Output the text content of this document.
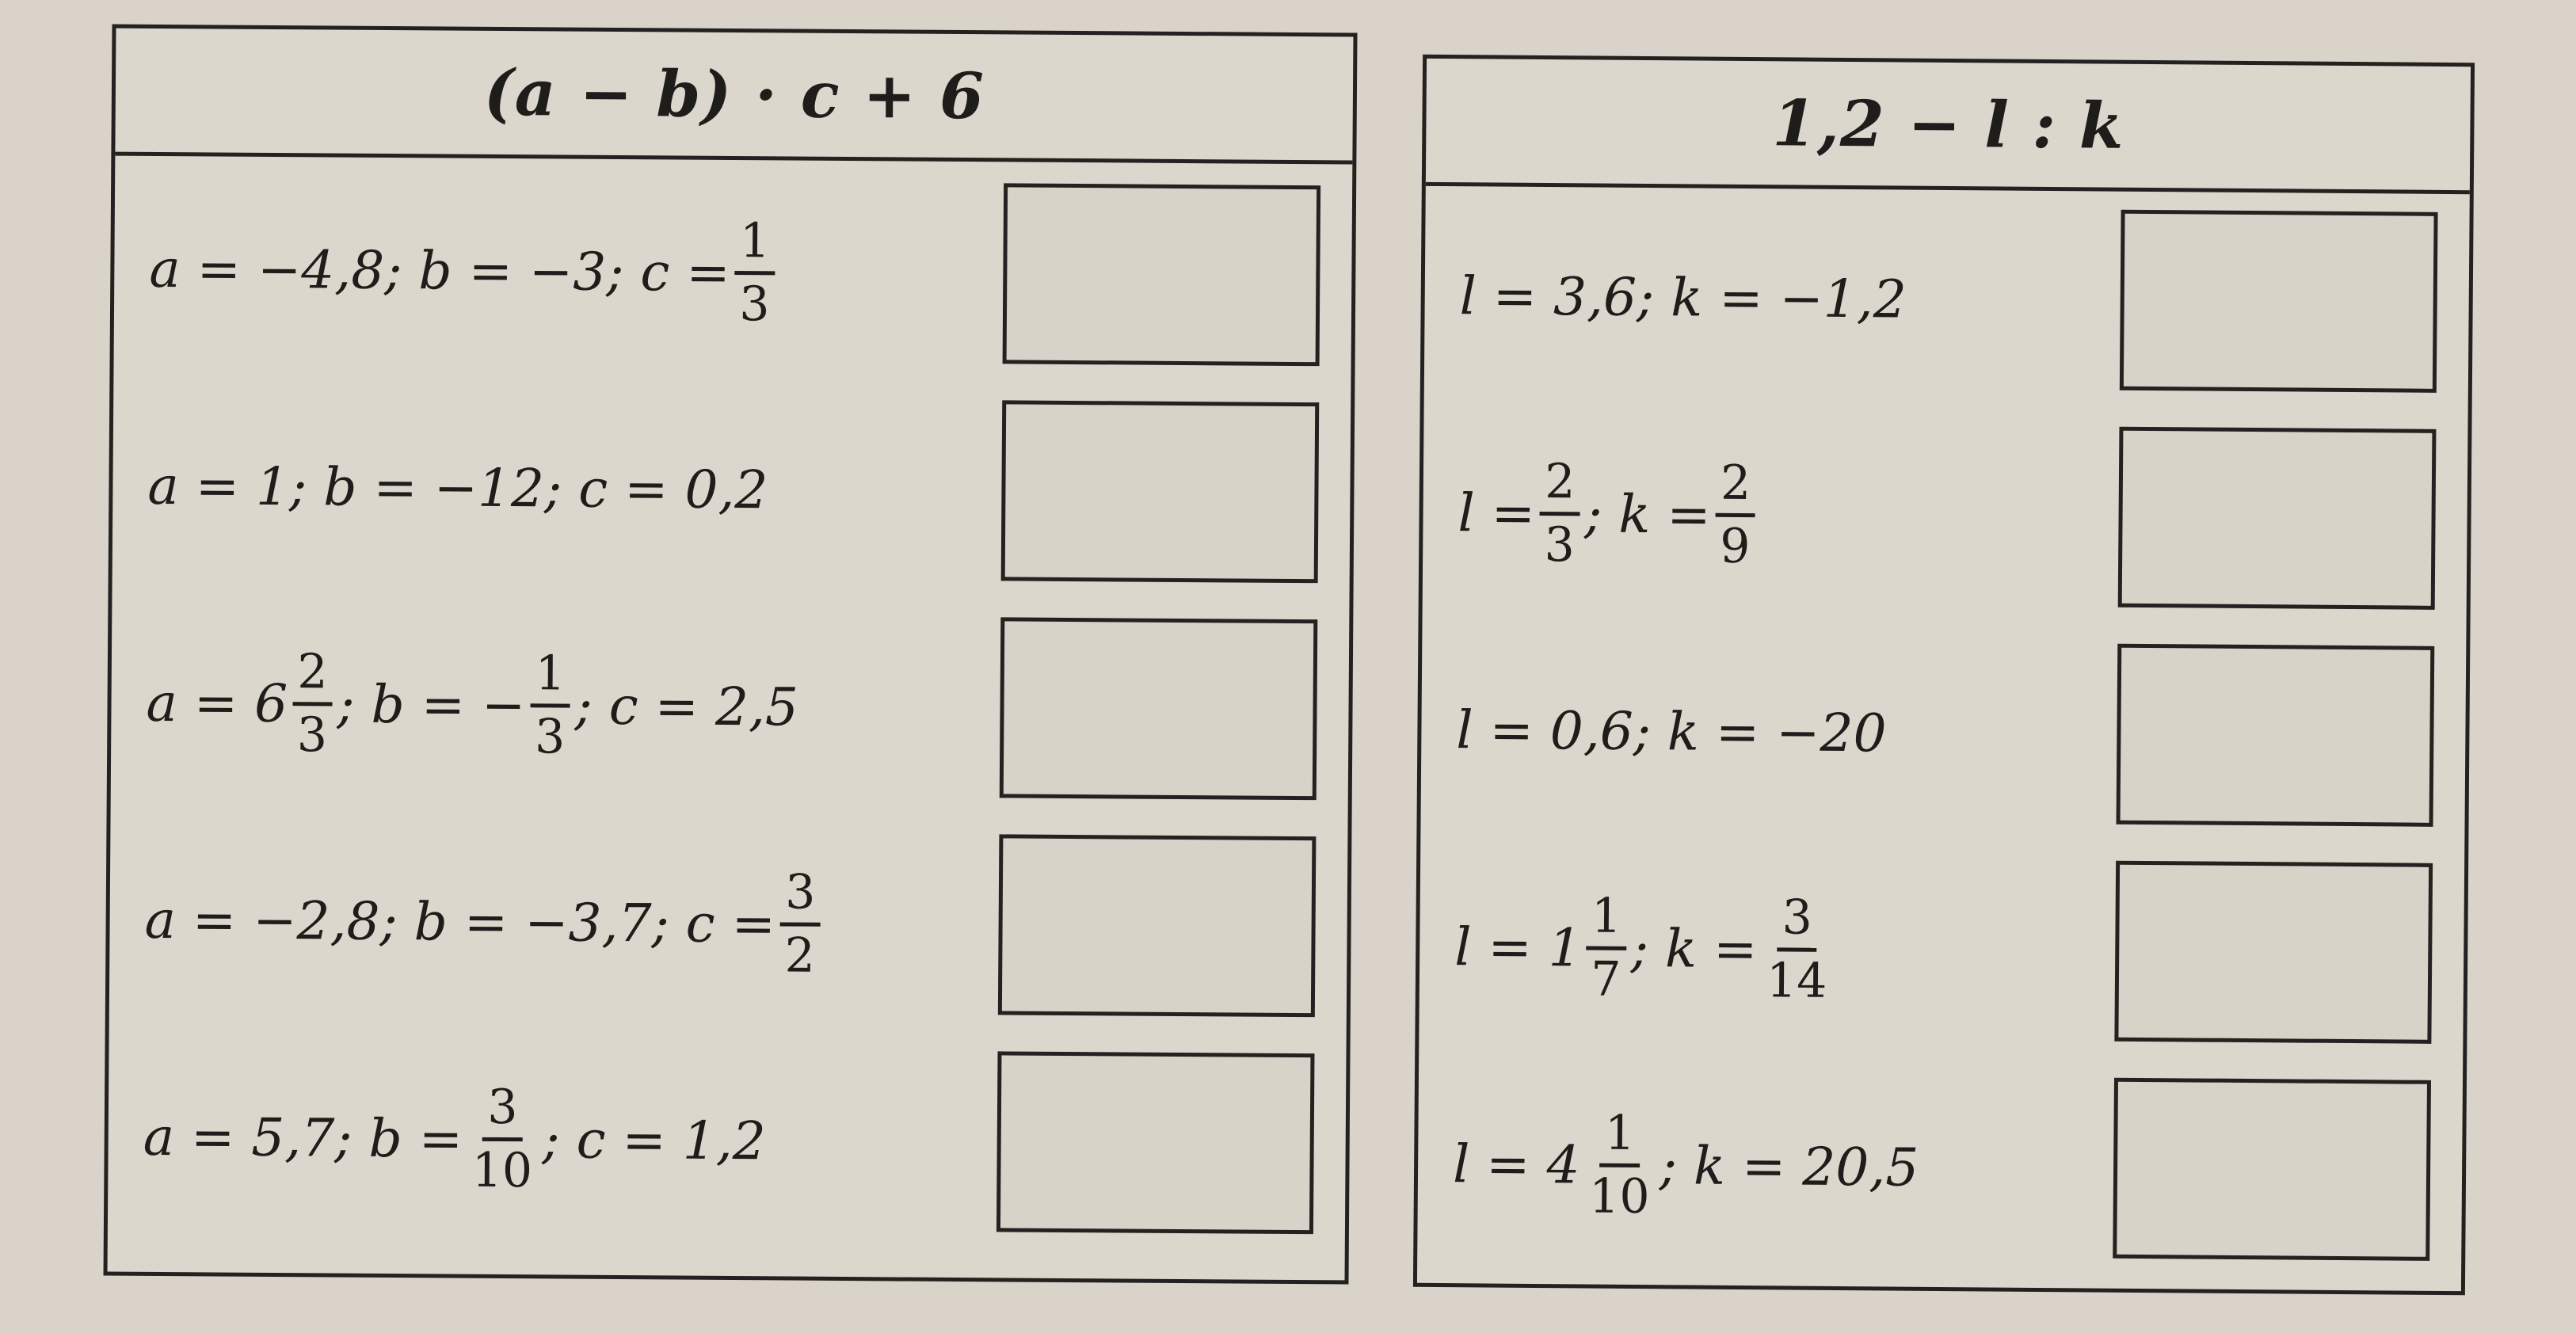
(a − b) · c + 6
a = −4,8; b = −3; $c = \frac{1}{3}$
a = 1; b = −12; c = 0,2
$a = 6 \frac{2}{3}$ ; b = − $\frac{1}{3}$ ; c = 2,5
a = −2,8; b = −3,7; $c = \frac{3}{2}$
a = 5,7; $b = \frac{3}{10}$ ; c = 1,2
1,2 − l : k
l = 3,6; k = −1,2
$l = \frac{2}{3}$ ; $k = \frac{2}{9}$
l = 0,6; k = −20
$l = 1 \frac{1}{7}$ ; $k = \frac{3}{14}$
$l = 4 \frac{1}{10}$ ; k = 20,5
